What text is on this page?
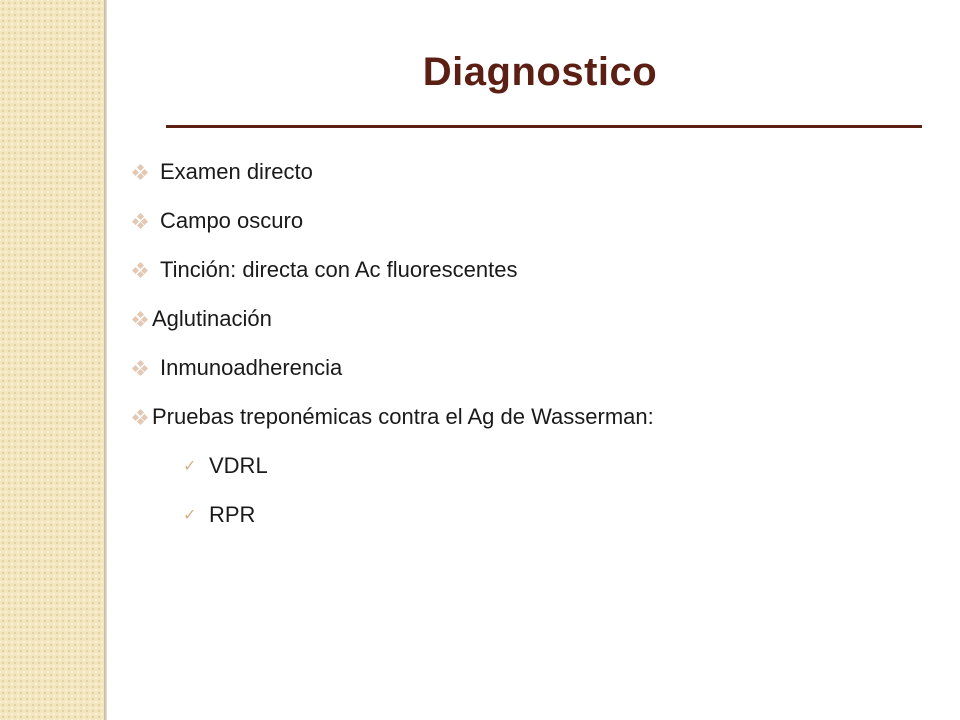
Diagnostico
Examen directo
Campo oscuro
Tinción: directa con Ac fluorescentes
Aglutinación
Inmunoadherencia
Pruebas treponémicas contra el Ag de Wasserman:
✓ VDRL
✓ RPR
